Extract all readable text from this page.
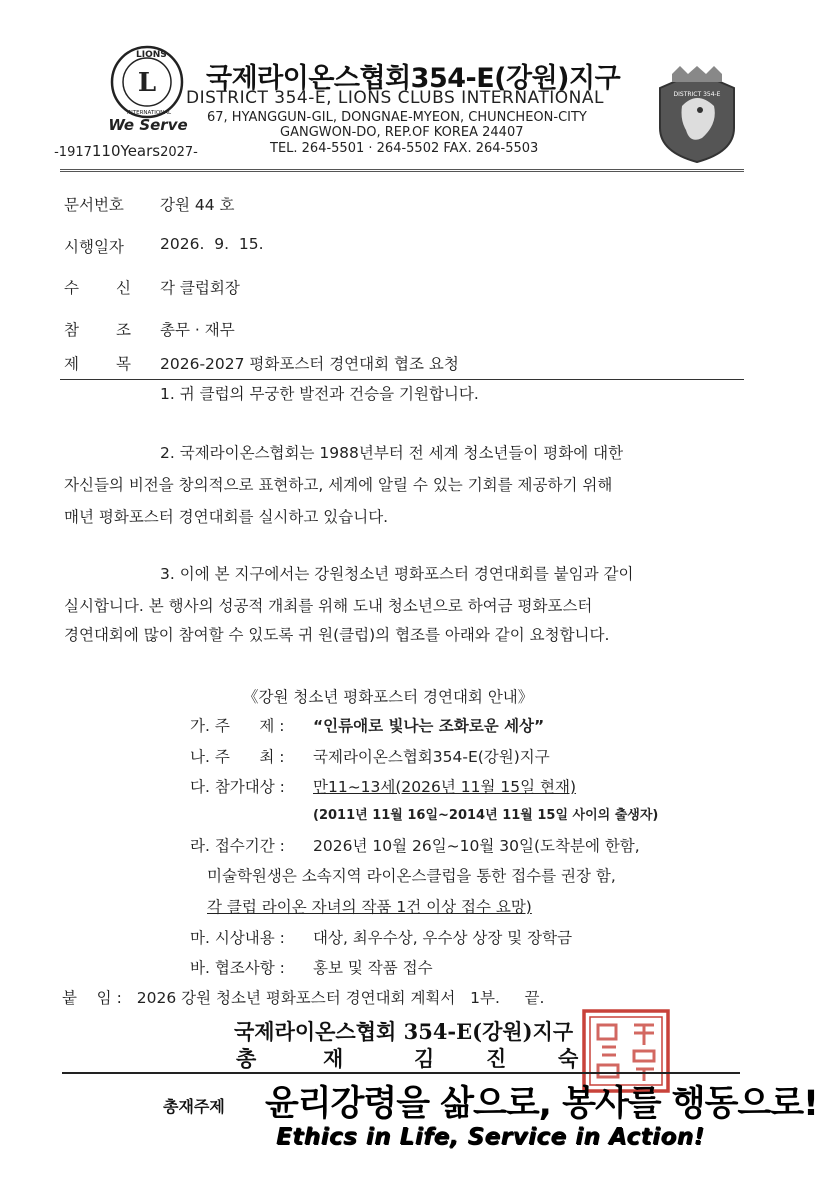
L
LIONS
INTERNATIONAL
We Serve
-1917110Years2027-
국제라이온스협회354-E(강원)지구
DISTRICT 354-E, LIONS CLUBS INTERNATIONAL
67, HYANGGUN-GIL, DONGNAE-MYEON, CHUNCHEON-CITY
GANGWON-DO, REP.OF KOREA 24407
TEL. 264-5501 · 264-5502 FAX. 264-5503
DISTRICT 354-E
문서번호 강원 44 호
시행일자 2026.  9.  15.
수 신 각 클럽회장
참 조 총무 · 재무
제 목 2026-2027 평화포스터 경연대회 협조 요청
1. 귀 클럽의 무궁한 발전과 건승을 기원합니다.
2. 국제라이온스협회는 1988년부터 전 세계 청소년들이 평화에 대한
자신들의 비전을 창의적으로 표현하고, 세계에 알릴 수 있는 기회를 제공하기 위해
매년 평화포스터 경연대회를 실시하고 있습니다.
3. 이에 본 지구에서는 강원청소년 평화포스터 경연대회를 붙임과 같이
실시합니다. 본 행사의 성공적 개최를 위해 도내 청소년으로 하여금 평화포스터
경연대회에 많이 참여할 수 있도록 귀 원(클럽)의 협조를 아래와 같이 요청합니다.
《강원 청소년 평화포스터 경연대회 안내》
가. 주      제 : “인류애로 빛나는 조화로운 세상”
나. 주      최 : 국제라이온스협회354-E(강원)지구
다. 참가대상 : 만11~13세(2026년 11월 15일 현재)
(2011년 11월 16일~2014년 11월 15일 사이의 출생자)
라. 접수기간 : 2026년 10월 26일~10월 30일(도착분에 한함,
미술학원생은 소속지역 라이온스클럽을 통한 접수를 권장 함,
각 클럽 라이온 자녀의 작품 1건 이상 접수 요망)
마. 시상내용 : 대상, 최우수상, 우수상 상장 및 장학금
바. 협조사항 : 홍보 및 작품 접수
붙    임 : 2026 강원 청소년 평화포스터 경연대회 계획서   1부.     끝.
국제라이온스협회 354-E(강원)지구
총	재	김 진 숙
총재주제 윤리강령을 삶으로, 봉사를 행동으로!
Ethics in Life, Service in Action!
